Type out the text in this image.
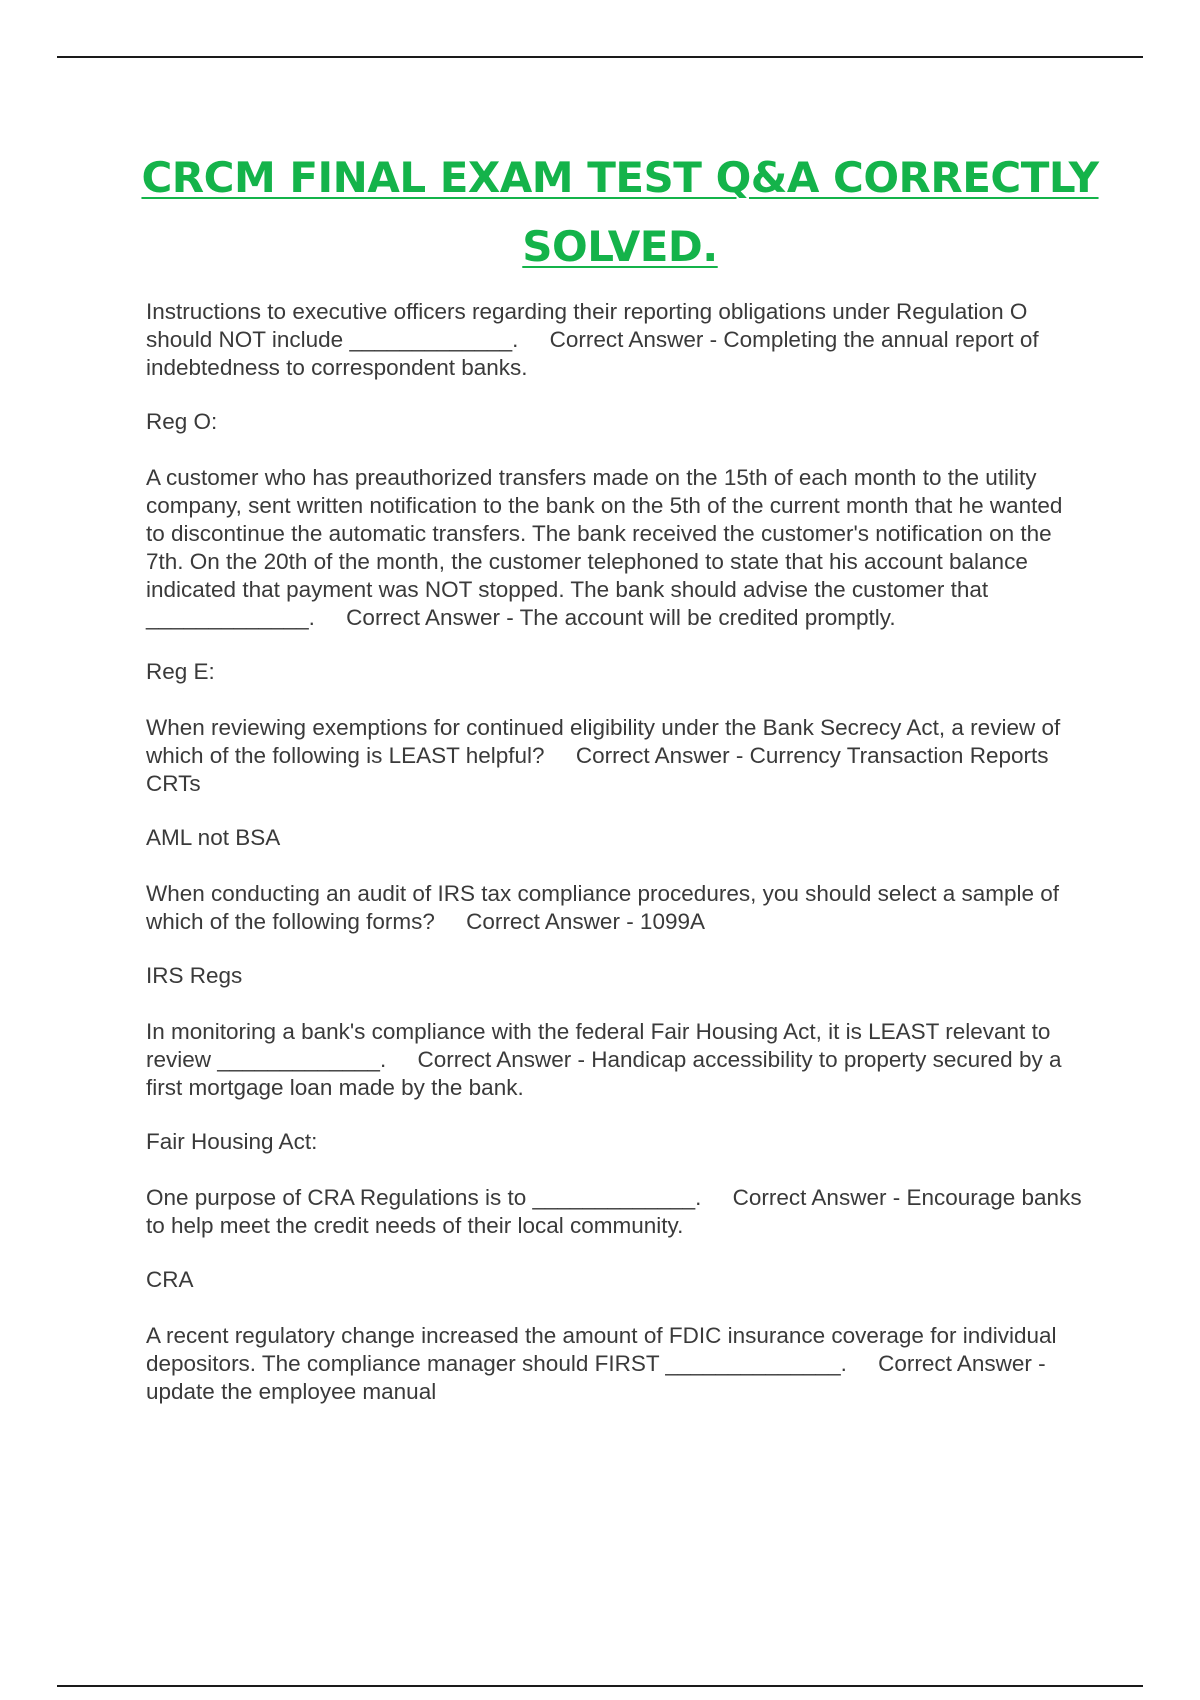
CRCM FINAL EXAM TEST Q&A CORRECTLY
SOLVED.

Instructions to executive officers regarding their reporting obligations under Regulation O should NOT include _____________.     Correct Answer - Completing the annual report of indebtedness to correspondent banks.

Reg O:

A customer who has preauthorized transfers made on the 15th of each month to the utility company, sent written notification to the bank on the 5th of the current month that he wanted to discontinue the automatic transfers. The bank received the customer's notification on the 7th. On the 20th of the month, the customer telephoned to state that his account balance indicated that payment was NOT stopped. The bank should advise the customer that _____________.     Correct Answer - The account will be credited promptly.

Reg E:

When reviewing exemptions for continued eligibility under the Bank Secrecy Act, a review of which of the following is LEAST helpful?     Correct Answer - Currency Transaction Reports CRTs

AML not BSA

When conducting an audit of IRS tax compliance procedures, you should select a sample of which of the following forms?     Correct Answer - 1099A

IRS Regs

In monitoring a bank's compliance with the federal Fair Housing Act, it is LEAST relevant to review _____________.     Correct Answer - Handicap accessibility to property secured by a first mortgage loan made by the bank.

Fair Housing Act:

One purpose of CRA Regulations is to _____________.     Correct Answer - Encourage banks to help meet the credit needs of their local community.

CRA

A recent regulatory change increased the amount of FDIC insurance coverage for individual depositors. The compliance manager should FIRST ______________.     Correct Answer - update the employee manual
